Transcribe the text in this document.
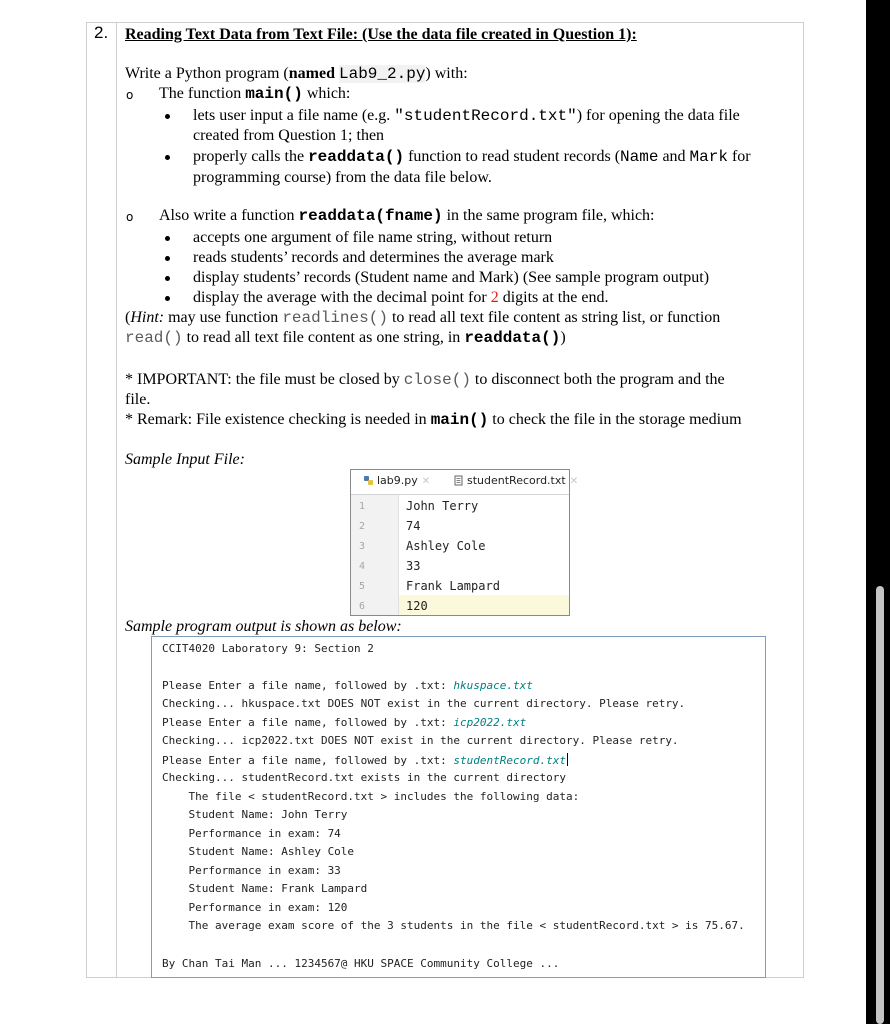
2. Reading Text Data from Text File: (Use the data file created in Question 1):
Write a Python program (named Lab9_2.py) with:
o The function main() which:
lets user input a file name (e.g. "studentRecord.txt") for opening the data file
created from Question 1; then
properly calls the readdata() function to read student records (Name and Mark for
programming course) from the data file below.
o Also write a function readdata(fname) in the same program file, which:
accepts one argument of file name string, without return
reads students’ records and determines the average mark
display students’ records (Student name and Mark) (See sample program output)
display the average with the decimal point for 2 digits at the end.
(Hint: may use function readlines() to read all text file content as string list, or function
read() to read all text file content as one string, in readdata())
* IMPORTANT: the file must be closed by close() to disconnect both the program and the
file.
* Remark: File existence checking is needed in main() to check the file in the storage medium
Sample Input File:
lab9.py ✕	studentRecord.txt ✕
1	John Terry
2	74
3	Ashley Cole
4	33
5	Frank Lampard
6	120
Sample program output is shown as below:
CCIT4020 Laboratory 9: Section 2
Please Enter a file name, followed by .txt: hkuspace.txt
Checking... hkuspace.txt DOES NOT exist in the current directory. Please retry.
Please Enter a file name, followed by .txt: icp2022.txt
Checking... icp2022.txt DOES NOT exist in the current directory. Please retry.
Please Enter a file name, followed by .txt: studentRecord.txt
Checking... studentRecord.txt exists in the current directory
The file < studentRecord.txt > includes the following data:
Student Name: John Terry
Performance in exam: 74
Student Name: Ashley Cole
Performance in exam: 33
Student Name: Frank Lampard
Performance in exam: 120
The average exam score of the 3 students in the file < studentRecord.txt > is 75.67.
By Chan Tai Man ... 1234567@ HKU SPACE Community College ...
